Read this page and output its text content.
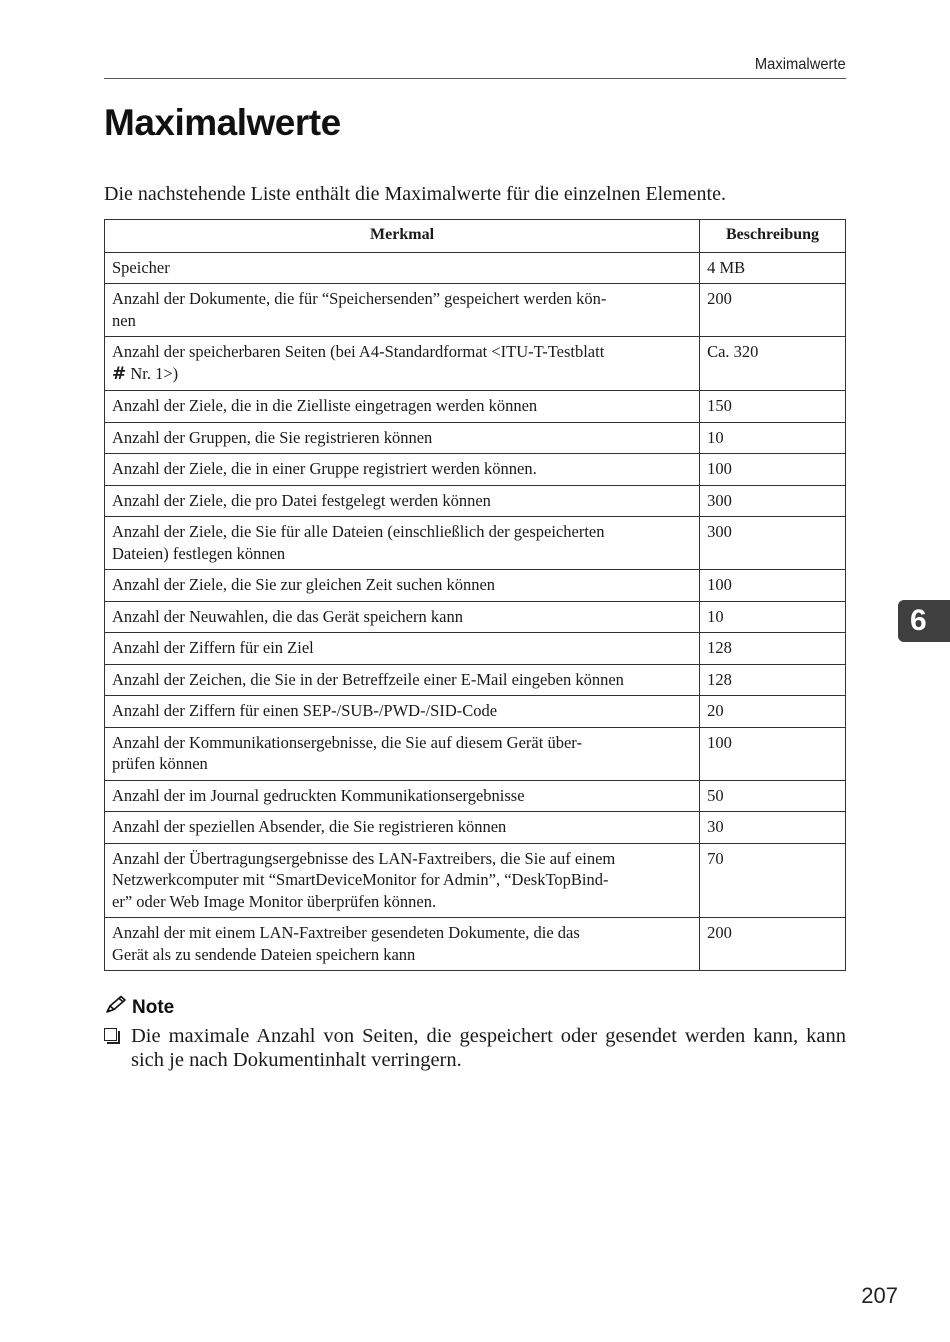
Maximalwerte
Maximalwerte

Die nachstehende Liste enthält die Maximalwerte für die einzelnen Elemente.

Merkmal	Beschreibung
Speicher	4 MB
Anzahl der Dokumente, die für “Speichersenden” gespeichert werden kön-
nen	200
Anzahl der speicherbaren Seiten (bei A4-Standardformat <ITU-T-Testblatt
# Nr. 1>)	Ca. 320
Anzahl der Ziele, die in die Zielliste eingetragen werden können	150
Anzahl der Gruppen, die Sie registrieren können	10
Anzahl der Ziele, die in einer Gruppe registriert werden können.	100
Anzahl der Ziele, die pro Datei festgelegt werden können	300
Anzahl der Ziele, die Sie für alle Dateien (einschließlich der gespeicherten
Dateien) festlegen können	300
Anzahl der Ziele, die Sie zur gleichen Zeit suchen können	100
Anzahl der Neuwahlen, die das Gerät speichern kann	10
Anzahl der Ziffern für ein Ziel	128
Anzahl der Zeichen, die Sie in der Betreffzeile einer E-Mail eingeben können	128
Anzahl der Ziffern für einen SEP-/SUB-/PWD-/SID-Code	20
Anzahl der Kommunikationsergebnisse, die Sie auf diesem Gerät über-
prüfen können	100
Anzahl der im Journal gedruckten Kommunikationsergebnisse	50
Anzahl der speziellen Absender, die Sie registrieren können	30
Anzahl der Übertragungsergebnisse des LAN-Faxtreibers, die Sie auf einem
Netzwerkcomputer mit “SmartDeviceMonitor for Admin”, “DeskTopBind-
er” oder Web Image Monitor überprüfen können.	70
Anzahl der mit einem LAN-Faxtreiber gesendeten Dokumente, die das
Gerät als zu sendende Dateien speichern kann	200
6
Note
Die maximale Anzahl von Seiten, die gespeichert oder gesendet werden kann, kann sich je nach Dokumentinhalt verringern.
207
